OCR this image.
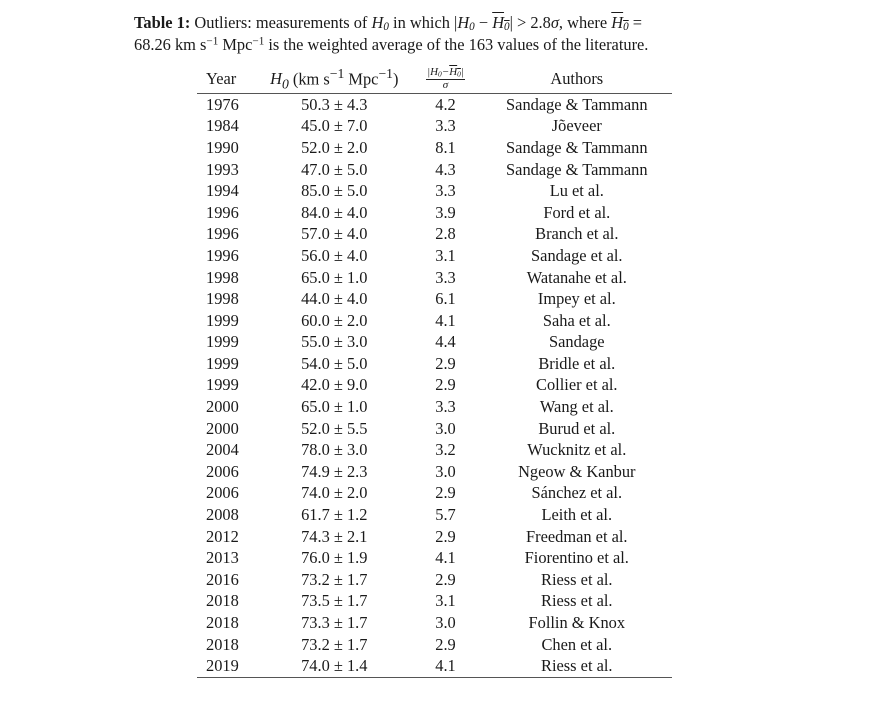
Table 1: Outliers: measurements of $H_0$ in which $|H_0 - H_0| > 2.8\sigma$, where $H_0$ =
68.26 km $s^{-1}$ Mpc$^{-1}$ is the weighted average of the 163 values of the literature.
Year	$H_0$ (km $s^{-1}$ Mpc$^{-1}$)	$\frac{|H_0-H_0|}{\sigma}$	Authors
1976	50.3 ± 4.3	4.2	Sandage & Tammann
1984	45.0 ± 7.0	3.3	Jõeveer
1990	52.0 ± 2.0	8.1	Sandage & Tammann
1993	47.0 ± 5.0	4.3	Sandage & Tammann
1994	85.0 ± 5.0	3.3	Lu et al.
1996	84.0 ± 4.0	3.9	Ford et al.
1996	57.0 ± 4.0	2.8	Branch et al.
1996	56.0 ± 4.0	3.1	Sandage et al.
1998	65.0 ± 1.0	3.3	Watanahe et al.
1998	44.0 ± 4.0	6.1	Impey et al.
1999	60.0 ± 2.0	4.1	Saha et al.
1999	55.0 ± 3.0	4.4	Sandage
1999	54.0 ± 5.0	2.9	Bridle et al.
1999	42.0 ± 9.0	2.9	Collier et al.
2000	65.0 ± 1.0	3.3	Wang et al.
2000	52.0 ± 5.5	3.0	Burud et al.
2004	78.0 ± 3.0	3.2	Wucknitz et al.
2006	74.9 ± 2.3	3.0	Ngeow & Kanbur
2006	74.0 ± 2.0	2.9	Sánchez et al.
2008	61.7 ± 1.2	5.7	Leith et al.
2012	74.3 ± 2.1	2.9	Freedman et al.
2013	76.0 ± 1.9	4.1	Fiorentino et al.
2016	73.2 ± 1.7	2.9	Riess et al.
2018	73.5 ± 1.7	3.1	Riess et al.
2018	73.3 ± 1.7	3.0	Follin & Knox
2018	73.2 ± 1.7	2.9	Chen et al.
2019	74.0 ± 1.4	4.1	Riess et al.
